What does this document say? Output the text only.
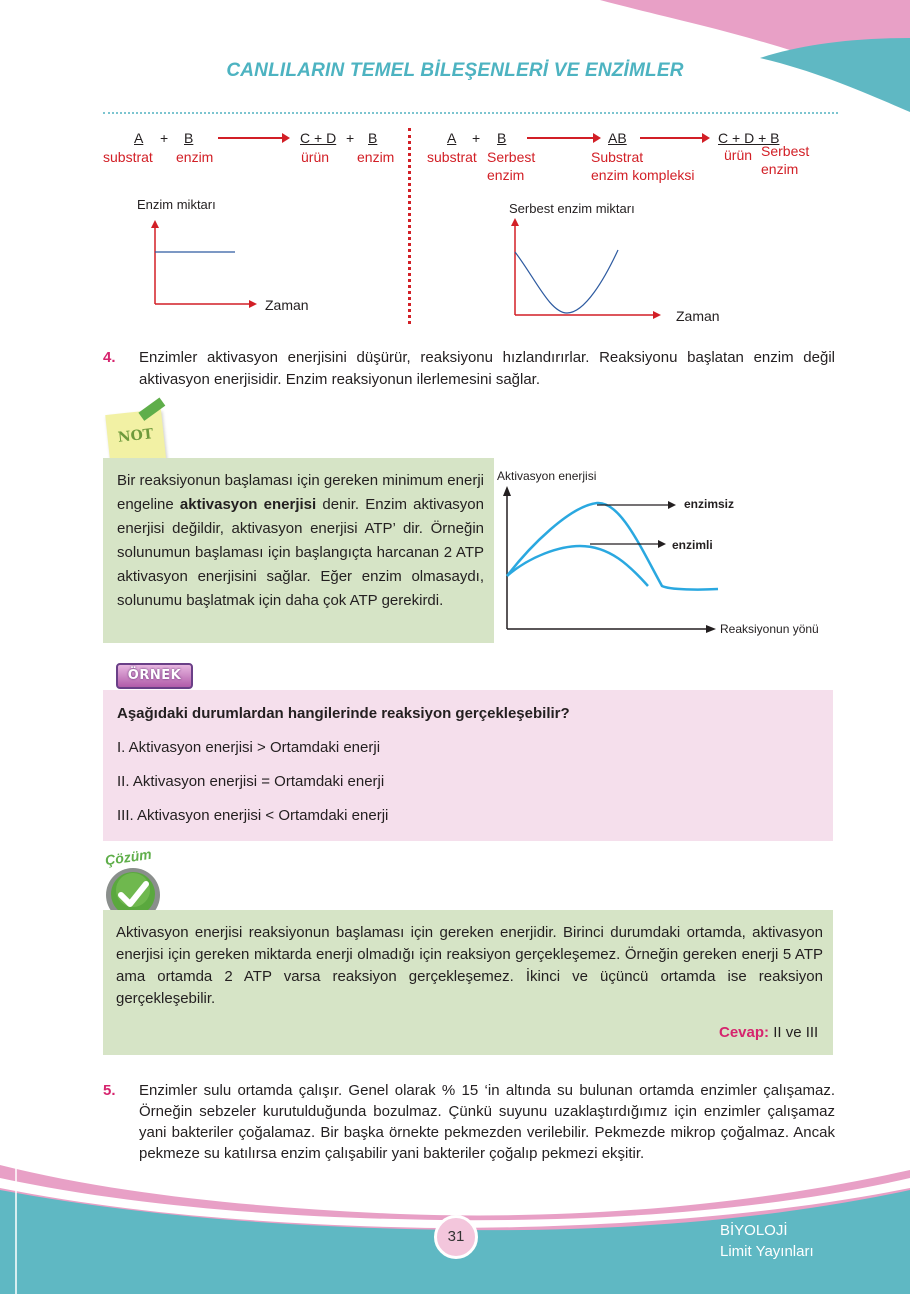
CANLILARIN TEMEL BİLEŞENLERİ VE ENZİMLER
A + B	C + D + B
substrat enzim	ürün enzim
A + B	AB	C + D + B
substrat Serbest
enzim
Substrat
enzim kompleksi
ürün Serbest
enzim
Enzim miktarı
Zaman
Serbest enzim miktarı
Zaman
4. Enzimler aktivasyon enerjisini düşürür, reaksiyonu hızlandırırlar. Reaksiyonu başlatan enzim değil aktivasyon enerjisidir. Enzim reaksiyonun ilerlemesini sağlar.
NOT
Bir reaksiyonun başlaması için gereken minimum enerji engeline aktivasyon enerjisi denir. Enzim aktivasyon enerjisi değildir, aktivasyon enerjisi ATP’ dir. Örneğin solunumun başlaması için başlangıçta harcanan 2 ATP aktivasyon enerjisini sağlar. Eğer enzim olmasaydı, solunumu başlatmak için daha çok ATP gerekirdi.
Aktivasyon enerjisi
enzimsiz
enzimli
Reaksiyonun yönü
ÖRNEK
Aşağıdaki durumlardan hangilerinde reaksiyon gerçekleşebilir?
I. Aktivasyon enerjisi > Ortamdaki enerji
II. Aktivasyon enerjisi = Ortamdaki enerji
III. Aktivasyon enerjisi < Ortamdaki enerji
Çözüm
Aktivasyon enerjisi reaksiyonun başlaması için gereken enerjidir. Birinci durumdaki ortamda, aktivasyon enerjisi için gereken miktarda enerji olmadığı için reaksiyon gerçekleşemez. Örneğin gereken enerji 5 ATP ama ortamda 2 ATP varsa reaksiyon gerçekleşemez. İkinci ve üçüncü ortamda ise reaksiyon gerçekleşebilir.
Cevap: II ve III
5. Enzimler sulu ortamda çalışır. Genel olarak % 15 ‘in altında su bulunan ortamda enzimler çalışamaz. Örneğin sebzeler kurutulduğunda bozulmaz. Çünkü suyunu uzaklaştırdığımız için enzimler çalışamaz yani bakteriler çoğalamaz. Bir başka örnekte pekmezden verilebilir. Pekmezde mikrop çoğalmaz. Ancak pekmeze su katılırsa enzim çalışabilir yani bakteriler çoğalıp pekmezi ekşitir.
31	BİYOLOJİ
Limit Yayınları
